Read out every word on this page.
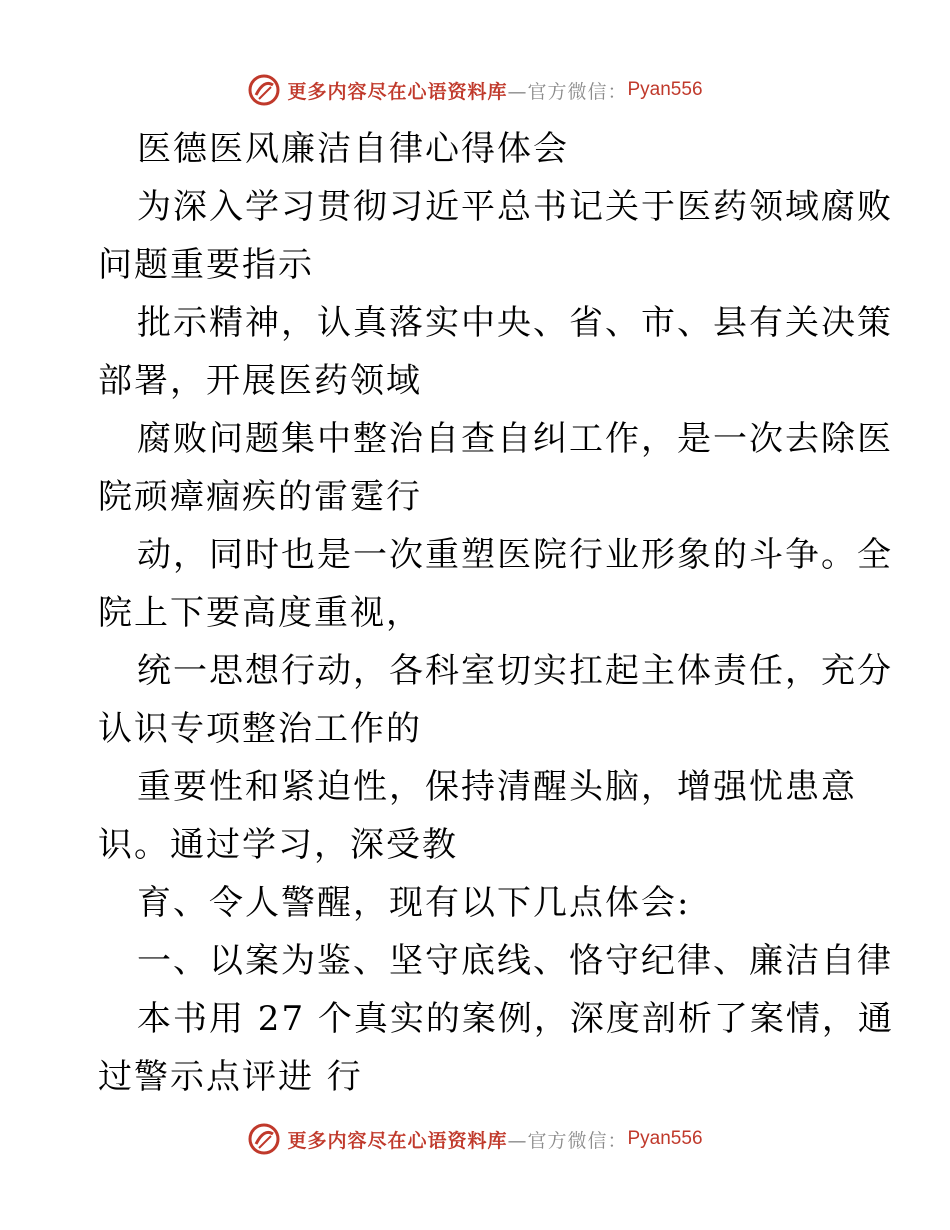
更多内容尽在心语资料库 —官方微信： Pyan556
医德医风廉洁自律心得体会
为深入学习贯彻习近平总书记关于医药领域腐败
问题重要指示
批示精神，认真落实中央、省、市、县有关决策
部署，开展医药领域
腐败问题集中整治自查自纠工作，是一次去除医
院顽瘴痼疾的雷霆行
动，同时也是一次重塑医院行业形象的斗争。全
院上下要高度重视，
统一思想行动，各科室切实扛起主体责任，充分
认识专项整治工作的
重要性和紧迫性，保持清醒头脑，增强忧患意
识。通过学习，深受教
育、令人警醒，现有以下几点体会:
一、以案为鉴、坚守底线、恪守纪律、廉洁自律
本书用 27 个真实的案例，深度剖析了案情，通
过警示点评进 行
更多内容尽在心语资料库 —官方微信： Pyan556
